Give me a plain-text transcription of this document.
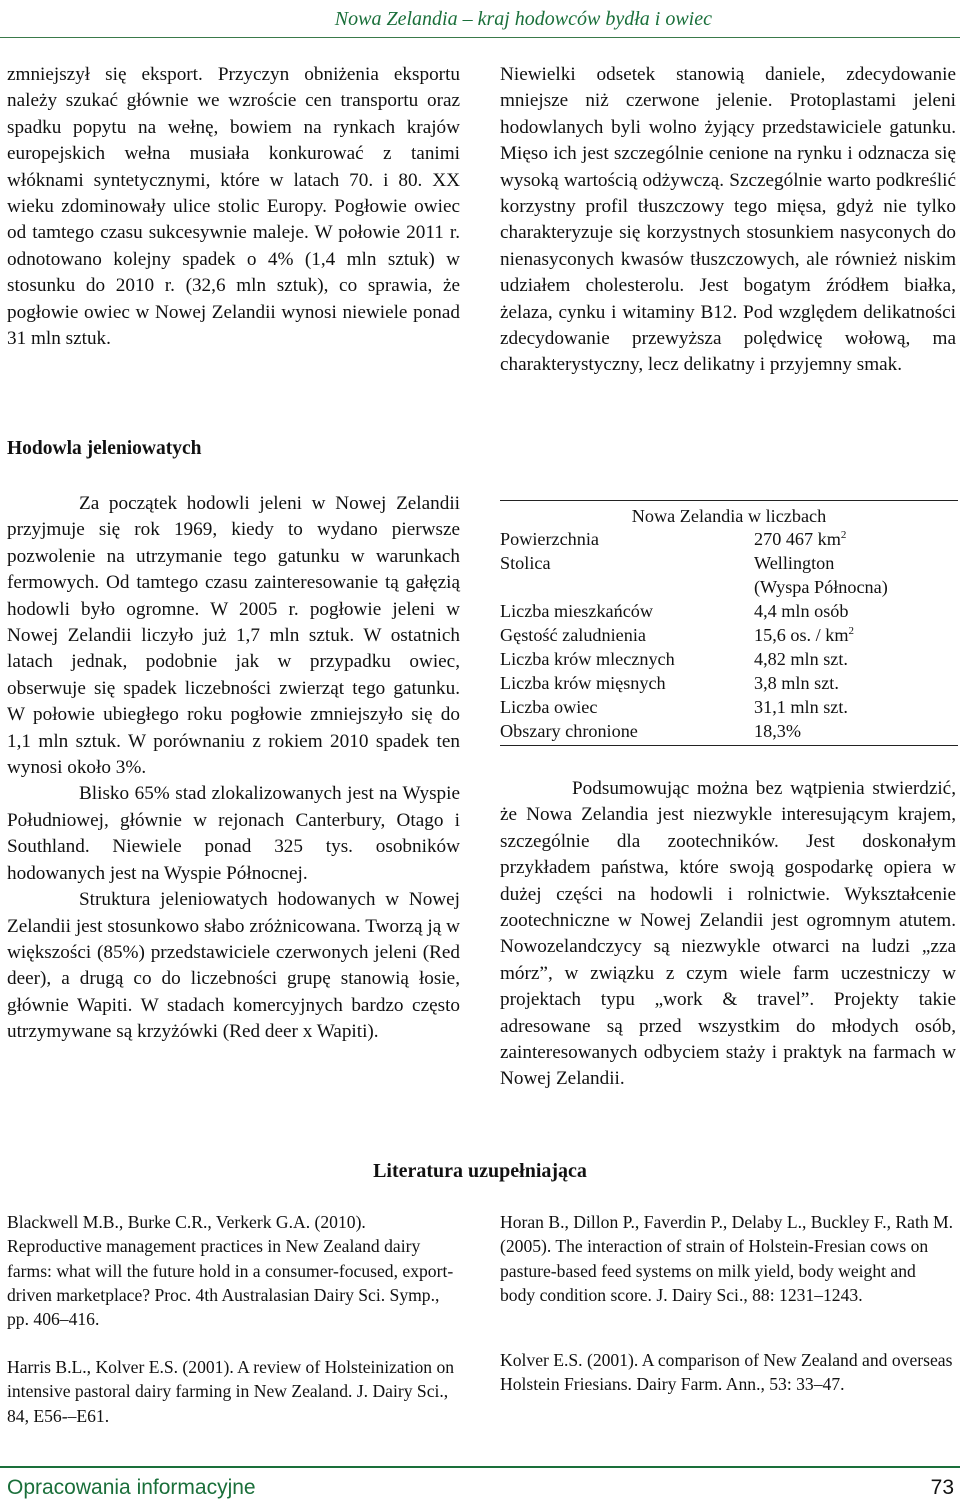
Nowa Zelandia – kraj hodowców bydła i owiec

zmniejszył się eksport. Przyczyn obniżenia eksportu należy szukać głównie we wzroście cen transportu oraz spadku popytu na wełnę, bowiem na rynkach krajów europejskich wełna musiała konkurować z tanimi włóknami syntetycznymi, które w latach 70. i 80. XX wieku zdominowały ulice stolic Europy. Pogłowie owiec od tamtego czasu sukcesywnie maleje. W połowie 2011 r. odnotowano kolejny spadek o 4% (1,4 mln sztuk) w stosunku do 2010 r. (32,6 mln sztuk), co sprawia, że pogłowie owiec w Nowej Zelandii wynosi niewiele ponad 31 mln sztuk.

Hodowla jeleniowatych

Za początek hodowli jeleni w Nowej Zelandii przyjmuje się rok 1969, kiedy to wydano pierwsze pozwolenie na utrzymanie tego gatunku w warunkach fermowych. Od tamtego czasu zainteresowanie tą gałęzią hodowli było ogromne. W 2005 r. pogłowie jeleni w Nowej Zelandii liczyło już 1,7 mln sztuk. W ostatnich latach jednak, podobnie jak w przypadku owiec, obserwuje się spadek liczebności zwierząt tego gatunku. W połowie ubiegłego roku pogłowie zmniejszyło się do 1,1 mln sztuk. W porównaniu z rokiem 2010 spadek ten wynosi około 3%.

Blisko 65% stad zlokalizowanych jest na Wyspie Południowej, głównie w rejonach Canterbury, Otago i Southland. Niewiele ponad 325 tys. osobników hodowanych jest na Wyspie Północnej.

Struktura jeleniowatych hodowanych w Nowej Zelandii jest stosunkowo słabo zróżnicowana. Tworzą ją w większości (85%) przedstawiciele czerwonych jeleni (Red deer), a drugą co do liczebności grupę stanowią łosie, głównie Wapiti. W stadach komercyjnych bardzo często utrzymywane są krzyżówki (Red deer x Wapiti).

Niewielki odsetek stanowią daniele, zdecydowanie mniejsze niż czerwone jelenie. Protoplastami jeleni hodowlanych byli wolno żyjący przedstawiciele gatunku. Mięso ich jest szczególnie cenione na rynku i odznacza się wysoką wartością odżywczą. Szczególnie warto podkreślić korzystny profil tłuszczowy tego mięsa, gdyż nie tylko charakteryzuje się korzystnych stosunkiem nasyconych do nienasyconych kwasów tłuszczowych, ale również niskim udziałem cholesterolu. Jest bogatym źródłem białka, żelaza, cynku i witaminy B12. Pod względem delikatności zdecydowanie przewyższa polędwicę wołową, ma charakterystyczny, lecz delikatny i przyjemny smak.

Nowa Zelandia w liczbach
Powierzchnia	270 467 $km^2$
Stolica	Wellington
(Wyspa Północna)
Liczba mieszkańców	4,4 mln osób
Gęstość zaludnienia	15,6 os. / $km^2$
Liczba krów mlecznych	4,82 mln szt.
Liczba krów mięsnych	3,8 mln szt.
Liczba owiec	31,1 mln szt.
Obszary chronione	18,3%

Podsumowując można bez wątpienia stwierdzić, że Nowa Zelandia jest niezwykle interesującym krajem, szczególnie dla zootechników. Jest doskonałym przykładem państwa, które swoją gospodarkę opiera w dużej części na hodowli i rolnictwie. Wykształcenie zootechniczne w Nowej Zelandii jest ogromnym atutem. Nowozelandczycy są niezwykle otwarci na ludzi „zza mórz”, w związku z czym wiele farm uczestniczy w projektach typu „work & travel”. Projekty takie adresowane są przed wszystkim do młodych osób, zainteresowanych odbyciem staży i praktyk na farmach w Nowej Zelandii.

Literatura uzupełniająca

Blackwell M.B., Burke C.R., Verkerk G.A. (2010). Reproductive management practices in New Zealand dairy farms: what will the future hold in a consumer-focused, export-driven marketplace? Proc. 4th Australasian Dairy Sci. Symp., pp. 406–416.

Harris B.L., Kolver E.S. (2001). A review of Holsteinization on intensive pastoral dairy farming in New Zealand. J. Dairy Sci., 84, E56-–E61.

Horan B., Dillon P., Faverdin P., Delaby L., Buckley F., Rath M. (2005). The interaction of strain of Holstein-Fresian cows on pasture-based feed systems on milk yield, body weight and body condition score. J. Dairy Sci., 88: 1231–1243.

Kolver E.S. (2001). A comparison of New Zealand and overseas Holstein Friesians. Dairy Farm. Ann., 53: 33–47.

Opracowania informacyjne	73
